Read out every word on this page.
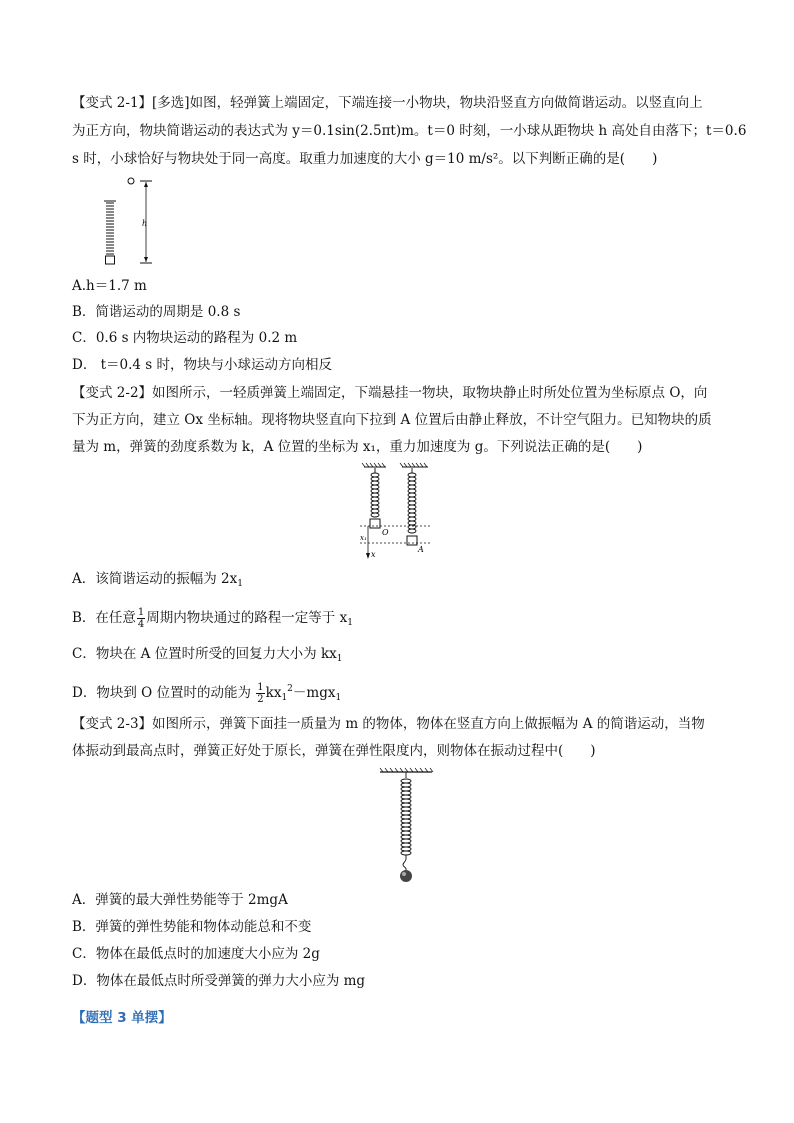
【变式 2-1】[多选]如图，轻弹簧上端固定，下端连接一小物块，物块沿竖直方向做简谐运动。以竖直向上
为正方向，物块简谐运动的表达式为 y＝0.1sin(2.5πt)m。t＝0 时刻，一小球从距物块 h 高处自由落下；t＝0.6
s 时，小球恰好与物块处于同一高度。取重力加速度的大小 g＝10 m/s²。以下判断正确的是(　　)
h
A.h＝1.7 m
B．简谐运动的周期是 0.8 s
C．0.6 s 内物块运动的路程为 0.2 m
D． t＝0.4 s 时，物块与小球运动方向相反
【变式 2-2】如图所示，一轻质弹簧上端固定，下端悬挂一物块，取物块静止时所处位置为坐标原点 O，向
下为正方向，建立 Ox 坐标轴。现将物块竖直向下拉到 A 位置后由静止释放，不计空气阻力。已知物块的质
量为 m，弹簧的劲度系数为 k，A 位置的坐标为 x₁，重力加速度为 g。下列说法正确的是(　　)
O
x₁
x
A
A．该简谐运动的振幅为 $2x_1$
B．在任意 $\frac{1}{4}$ 周期内物块通过的路程一定等于 $x_1$
C．物块在 A 位置时所受的回复力大小为 $kx_1$
D．物块到 O 位置时的动能为 $\frac{1}{2} kx_1^2-mgx_1$
【变式 2-3】如图所示，弹簧下面挂一质量为 m 的物体，物体在竖直方向上做振幅为 A 的简谐运动，当物
体振动到最高点时，弹簧正好处于原长，弹簧在弹性限度内，则物体在振动过程中(　　)
A．弹簧的最大弹性势能等于 2mgA
B．弹簧的弹性势能和物体动能总和不变
C．物体在最低点时的加速度大小应为 2g
D．物体在最低点时所受弹簧的弹力大小应为 mg
【题型 3 单摆】
